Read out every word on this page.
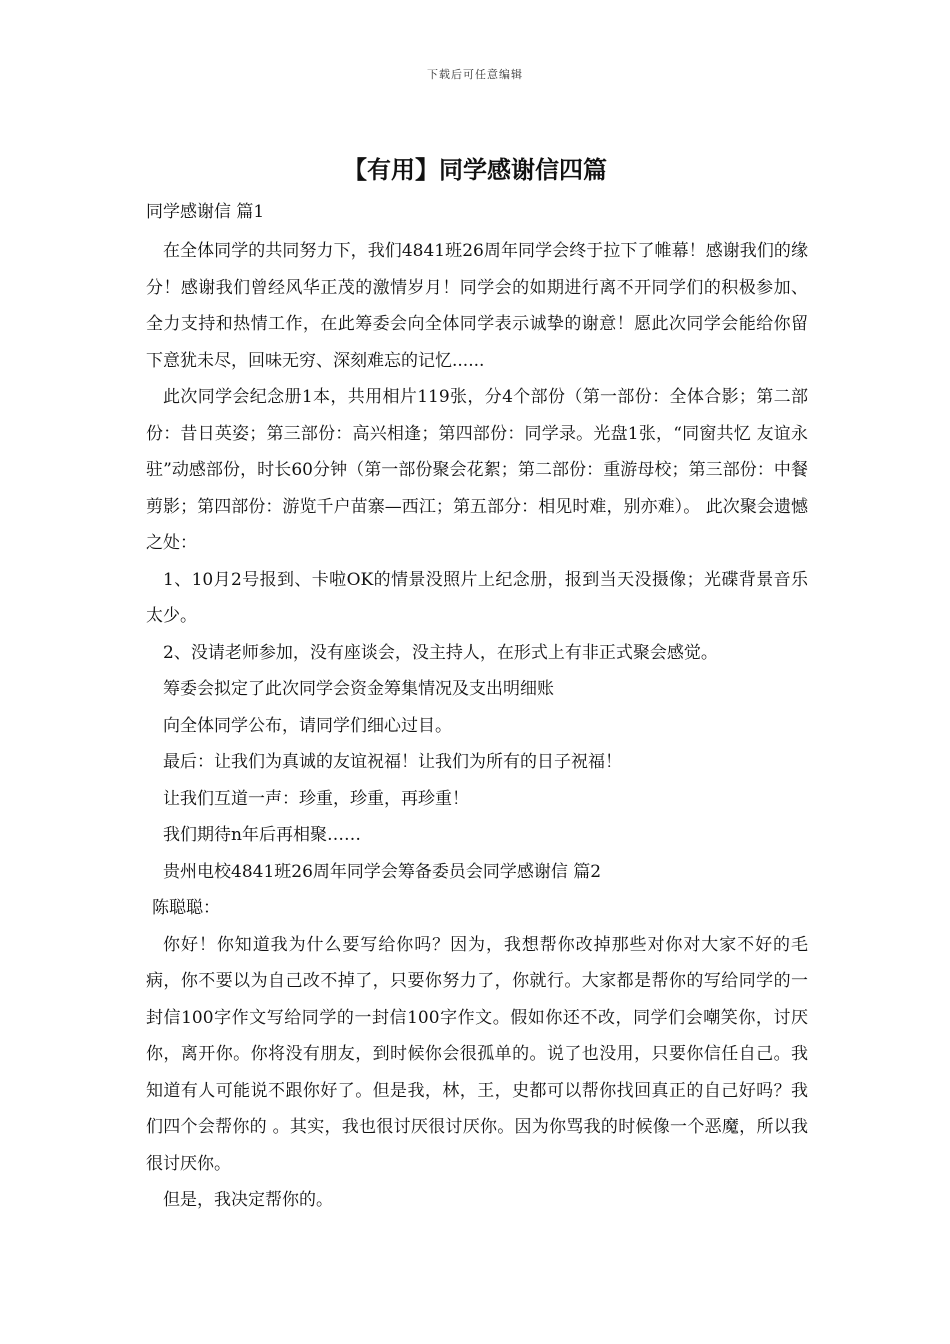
下载后可任意编辑
【有用】同学感谢信四篇
同学感谢信 篇1

在全体同学的共同努力下，我们4841班26周年同学会终于拉下了帷幕！感谢我们的缘分！感谢我们曾经风华正茂的激情岁月！同学会的如期进行离不开同学们的积极参加、全力支持和热情工作，在此筹委会向全体同学表示诚挚的谢意！愿此次同学会能给你留下意犹未尽，回味无穷、深刻难忘的记忆......

此次同学会纪念册1本，共用相片119张，分4个部份（第一部份：全体合影；第二部份：昔日英姿；第三部份：高兴相逢；第四部份：同学录。光盘1张，“同窗共忆 友谊永驻”动感部份，时长60分钟（第一部份聚会花絮；第二部份：重游母校；第三部份：中餐剪影；第四部份：游览千户苗寨—西江；第五部分：相见时难，别亦难）。 此次聚会遗憾之处：

1、10月2号报到、卡啦OK的情景没照片上纪念册，报到当天没摄像；光碟背景音乐太少。

2、没请老师参加，没有座谈会，没主持人，在形式上有非正式聚会感觉。

筹委会拟定了此次同学会资金筹集情况及支出明细账

向全体同学公布，请同学们细心过目。

最后：让我们为真诚的友谊祝福！让我们为所有的日子祝福！

让我们互道一声：珍重，珍重，再珍重！

我们期待n年后再相聚……

贵州电校4841班26周年同学会筹备委员会同学感谢信 篇2

陈聪聪：

你好！你知道我为什么要写给你吗？因为，我想帮你改掉那些对你对大家不好的毛病，你不要以为自己改不掉了，只要你努力了，你就行。大家都是帮你的写给同学的一封信100字作文写给同学的一封信100字作文。假如你还不改，同学们会嘲笑你，讨厌你，离开你。你将没有朋友，到时候你会很孤单的。说了也没用，只要你信任自己。我知道有人可能说不跟你好了。但是我，林，王，史都可以帮你找回真正的自己好吗？我们四个会帮你的 。其实，我也很讨厌很讨厌你。因为你骂我的时候像一个恶魔，所以我很讨厌你。

但是，我决定帮你的。
